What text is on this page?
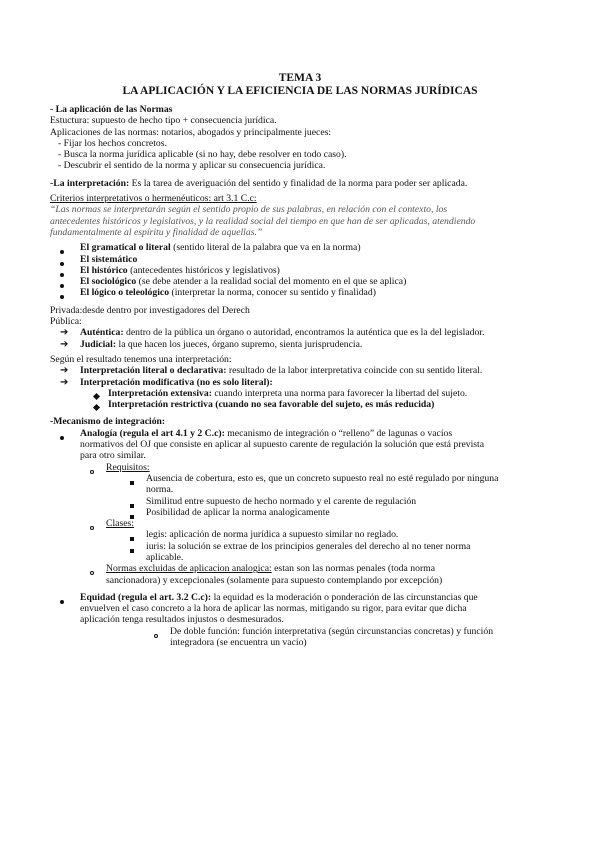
TEMA 3
LA APLICACIÓN Y LA EFICIENCIA DE LAS NORMAS JURÍDICAS
- La aplicación de las Normas
Estuctura: supuesto de hecho tipo + consecuencia jurídica.
Aplicaciones de las normas: notarios, abogados y principalmente jueces:
- Fijar los hechos concretos.
- Busca la norma jurídica aplicable (si no hay, debe resolver en todo caso).
- Descubrir el sentido de la norma y aplicar su consecuencia jurídica.
-La interpretación: Es la tarea de averiguación del sentido y finalidad de la norma para poder ser aplicada.
Criterios interpretativos o hermenéuticos: art 3.1 C.c:
“Las normas se interpretarán según el sentido propio de sus palabras, en relación con el contexto, los
antecedentes históricos y legislativos, y la realidad social del tiempo en que han de ser aplicadas, atendiendo
fundamentalmente al espíritu y finalidad de aquellas.”
El gramatical o literal (sentido literal de la palabra que va en la norma)
El sistemático
El histórico (antecedentes históricos y legislativos)
El sociológico (se debe atender a la realidad social del momento en el que se aplica)
El lógico o teleológico (interpretar la norma, conocer su sentido y finalidad)
Privada:desde dentro por investigadores del Derech
Pública:
➔ Auténtica: dentro de la pública un órgano o autoridad, encontramos la auténtica que es la del legislador.
➔ Judicial: la que hacen los jueces, órgano supremo, sienta jurisprudencia.
Según el resultado tenemos una interpretación:
➔ Interpretación literal o declarativa: resultado de la labor interpretativa coincide con su sentido literal.
➔ Interpretación modificativa (no es solo literal):
Interpretación extensiva: cuando interpreta una norma para favorecer la libertad del sujeto.
Interpretación restrictiva (cuando no sea favorable del sujeto, es más reducida)
-Mecanismo de integración:
Analogía (regula el art 4.1 y 2 C.c): mecanismo de integración o “relleno” de lagunas o vacíos
normativos del OJ que consiste en aplicar al supuesto carente de regulación la solución que está prevista
para otro similar.
Requisitos:
Ausencia de cobertura, esto es, que un concreto supuesto real no esté regulado por ninguna
norma.
Similitud entre supuesto de hecho normado y el carente de regulación
Posibilidad de aplicar la norma analogicamente
Clases:
legis: aplicación de norma jurídica a supuesto similar no reglado.
iuris: la solución se extrae de los principios generales del derecho al no tener norma
aplicable.
Normas excluidas de aplicacion analogica: estan son las normas penales (toda norma
sancionadora) y excepcionales (solamente para supuesto contemplando por excepción)
Equidad (regula el art. 3.2 C.c): la equidad es la moderación o ponderación de las circunstancias que
envuelven el caso concreto a la hora de aplicar las normas, mitigando su rigor, para evitar que dicha
aplicación tenga resultados injustos o desmesurados.
De doble función: función interpretativa (según circunstancias concretas) y función
integradora (se encuentra un vacío)
